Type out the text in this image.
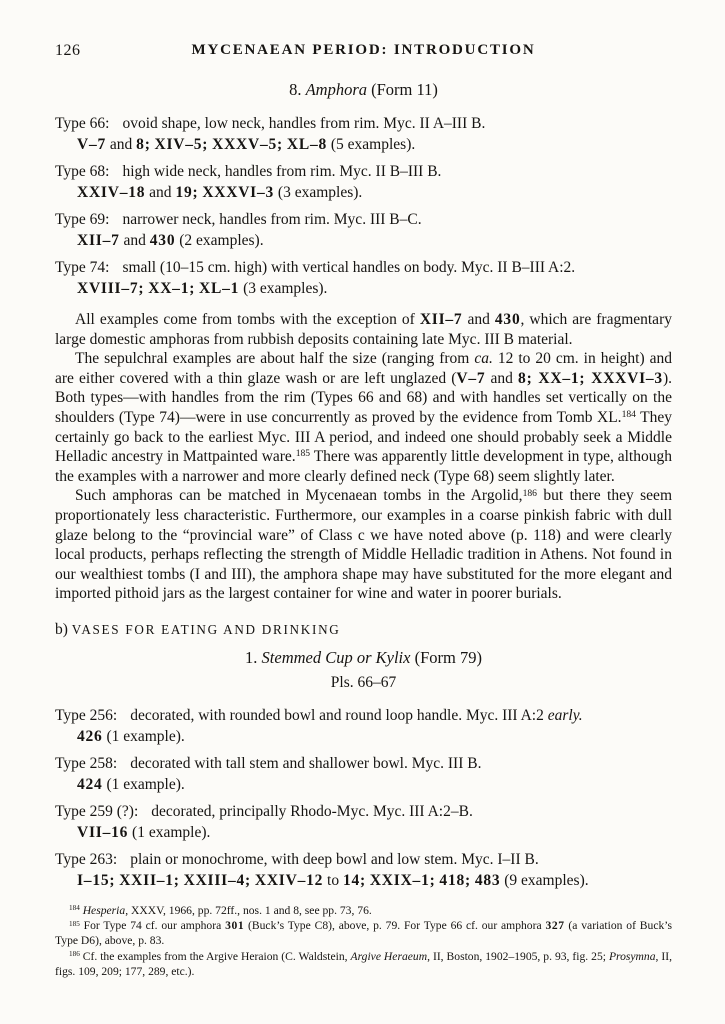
126	MYCENAEAN PERIOD: INTRODUCTION
8. Amphora (Form 11)
Type 66: ovoid shape, low neck, handles from rim. Myc. II A–III B.
V–7 and 8; XIV–5; XXXV–5; XL–8 (5 examples).
Type 68: high wide neck, handles from rim. Myc. II B–III B.
XXIV–18 and 19; XXXVI–3 (3 examples).
Type 69: narrower neck, handles from rim. Myc. III B–C.
XII–7 and 430 (2 examples).
Type 74: small (10–15 cm. high) with vertical handles on body. Myc. II B–III A:2.
XVIII–7; XX–1; XL–1 (3 examples).

All examples come from tombs with the exception of XII–7 and 430, which are fragmentary large domestic amphoras from rubbish deposits containing late Myc. III B material.

The sepulchral examples are about half the size (ranging from ca. 12 to 20 cm. in height) and are either covered with a thin glaze wash or are left unglazed (V–7 and 8; XX–1; XXXVI–3). Both types—with handles from the rim (Types 66 and 68) and with handles set vertically on the shoulders (Type 74)—were in use concurrently as proved by the evidence from Tomb XL.$^{184}$ They certainly go back to the earliest Myc. III A period, and indeed one should probably seek a Middle Helladic ancestry in Mattpainted ware.$^{185}$ There was apparently little development in type, although the examples with a narrower and more clearly defined neck (Type 68) seem slightly later.

Such amphoras can be matched in Mycenaean tombs in the Argolid,$^{186}$ but there they seem proportionately less characteristic. Furthermore, our examples in a coarse pinkish fabric with dull glaze belong to the “provincial ware” of Class c we have noted above (p. 118) and were clearly local products, perhaps reflecting the strength of Middle Helladic tradition in Athens. Not found in our wealthiest tombs (I and III), the amphora shape may have substituted for the more elegant and imported pithoid jars as the largest container for wine and water in poorer burials.

b) VASES FOR EATING AND DRINKING
1. Stemmed Cup or Kylix (Form 79)
Pls. 66–67
Type 256: decorated, with rounded bowl and round loop handle. Myc. III A:2 early.
426 (1 example).
Type 258: decorated with tall stem and shallower bowl. Myc. III B.
424 (1 example).
Type 259 (?): decorated, principally Rhodo-Myc. Myc. III A:2–B.
VII–16 (1 example).
Type 263: plain or monochrome, with deep bowl and low stem. Myc. I–II B.
I–15; XXII–1; XXIII–4; XXIV–12 to 14; XXIX–1; 418; 483 (9 examples).

$^{184}$ Hesperia, XXXV, 1966, pp. 72ff., nos. 1 and 8, see pp. 73, 76.

$^{185}$ For Type 74 cf. our amphora 301 (Buck’s Type C8), above, p. 79. For Type 66 cf. our amphora 327 (a variation of Buck’s Type D6), above, p. 83.

$^{186}$ Cf. the examples from the Argive Heraion (C. Waldstein, Argive Heraeum, II, Boston, 1902–1905, p. 93, fig. 25; Prosymna, II, figs. 109, 209; 177, 289, etc.).
